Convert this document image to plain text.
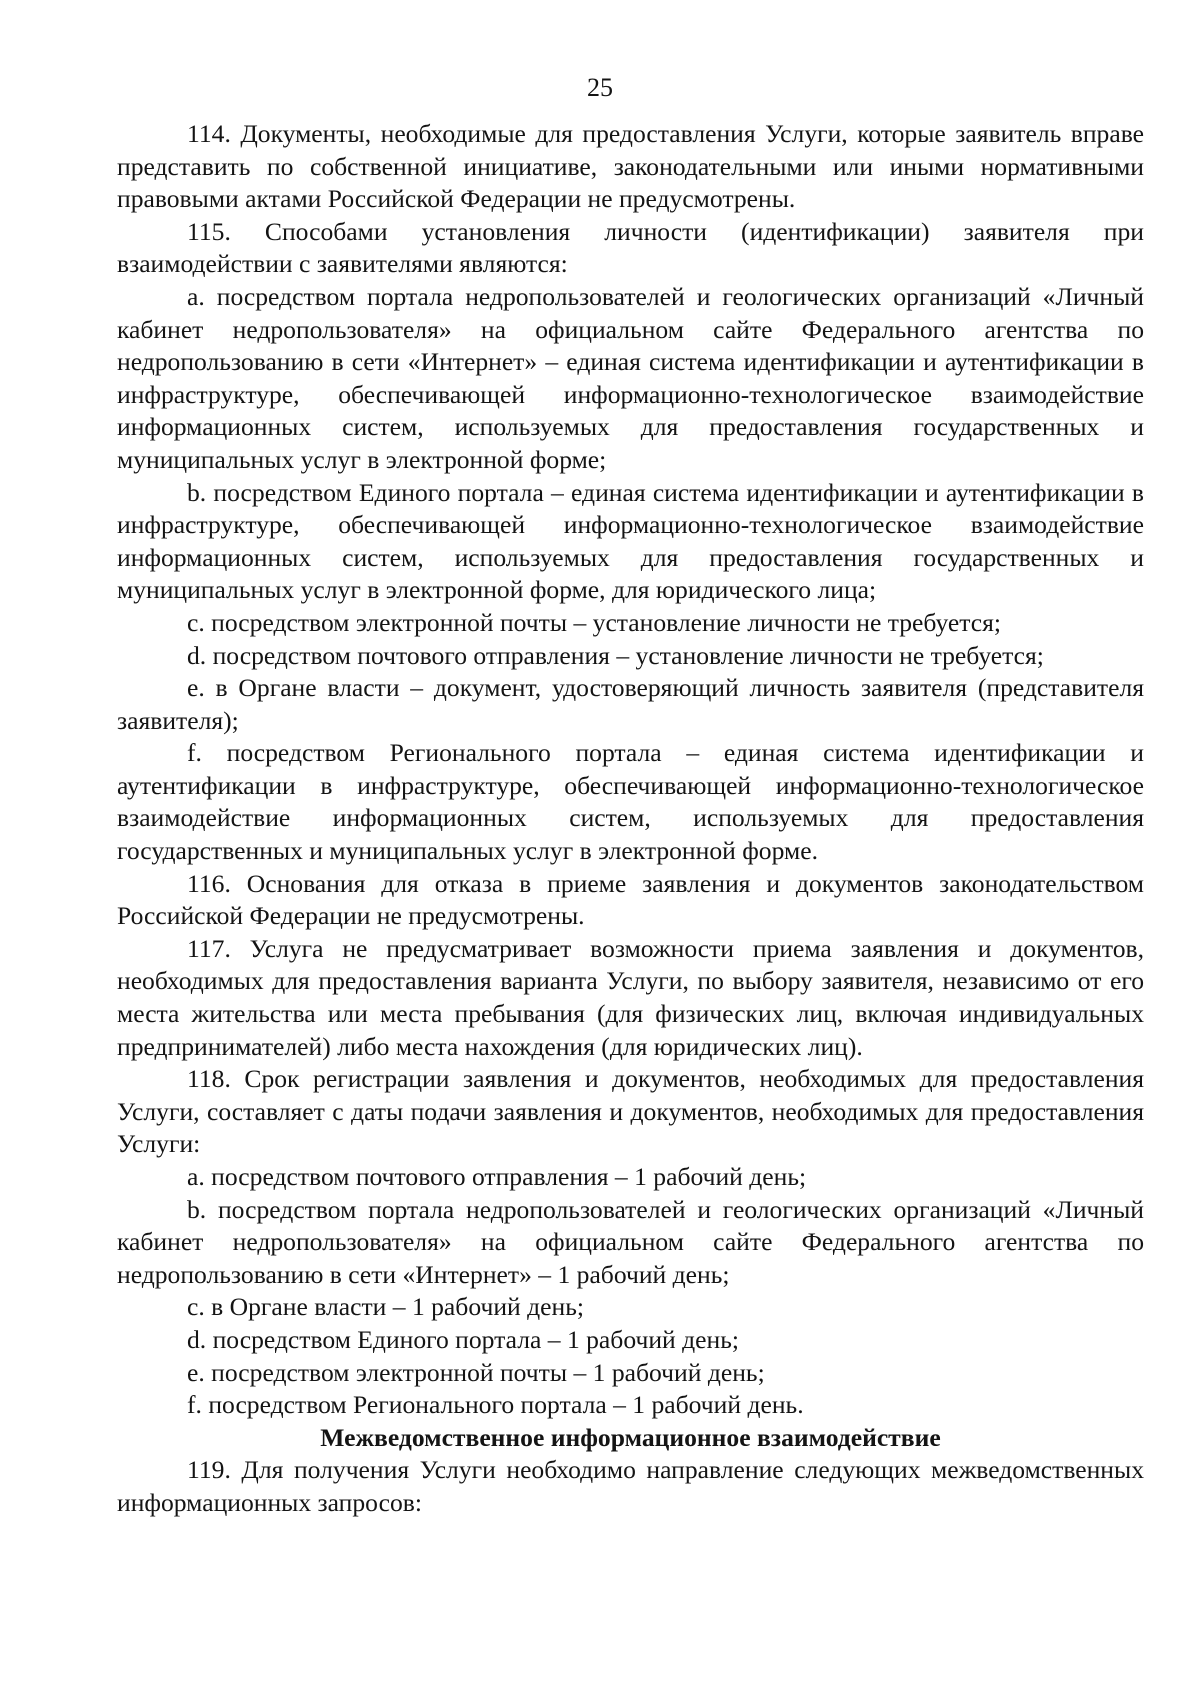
25

114. Документы, необходимые для предоставления Услуги, которые заявитель вправе представить по собственной инициативе, законодательными или иными нормативными правовыми актами Российской Федерации не предусмотрены.

115. Способами установления личности (идентификации) заявителя при взаимодействии с заявителями являются:

a. посредством портала недропользователей и геологических организаций «Личный кабинет недропользователя» на официальном сайте Федерального агентства по недропользованию в сети «Интернет» – единая система идентификации и аутентификации в инфраструктуре, обеспечивающей информационно-технологическое взаимодействие информационных систем, используемых для предоставления государственных и муниципальных услуг в электронной форме;

b. посредством Единого портала – единая система идентификации и аутентификации в инфраструктуре, обеспечивающей информационно-технологическое взаимодействие информационных систем, используемых для предоставления государственных и муниципальных услуг в электронной форме, для юридического лица;

c. посредством электронной почты – установление личности не требуется;

d. посредством почтового отправления – установление личности не требуется;

e. в Органе власти – документ, удостоверяющий личность заявителя (представителя заявителя);

f. посредством Регионального портала – единая система идентификации и аутентификации в инфраструктуре, обеспечивающей информационно-технологическое взаимодействие информационных систем, используемых для предоставления государственных и муниципальных услуг в электронной форме.

116. Основания для отказа в приеме заявления и документов законодательством Российской Федерации не предусмотрены.

117. Услуга не предусматривает возможности приема заявления и документов, необходимых для предоставления варианта Услуги, по выбору заявителя, независимо от его места жительства или места пребывания (для физических лиц, включая индивидуальных предпринимателей) либо места нахождения (для юридических лиц).

118. Срок регистрации заявления и документов, необходимых для предоставления Услуги, составляет с даты подачи заявления и документов, необходимых для предоставления Услуги:

a. посредством почтового отправления – 1 рабочий день;

b. посредством портала недропользователей и геологических организаций «Личный кабинет недропользователя» на официальном сайте Федерального агентства по недропользованию в сети «Интернет» – 1 рабочий день;

c. в Органе власти – 1 рабочий день;

d. посредством Единого портала – 1 рабочий день;

e. посредством электронной почты – 1 рабочий день;

f. посредством Регионального портала – 1 рабочий день.

Межведомственное информационное взаимодействие

119. Для получения Услуги необходимо направление следующих межведомственных информационных запросов:
